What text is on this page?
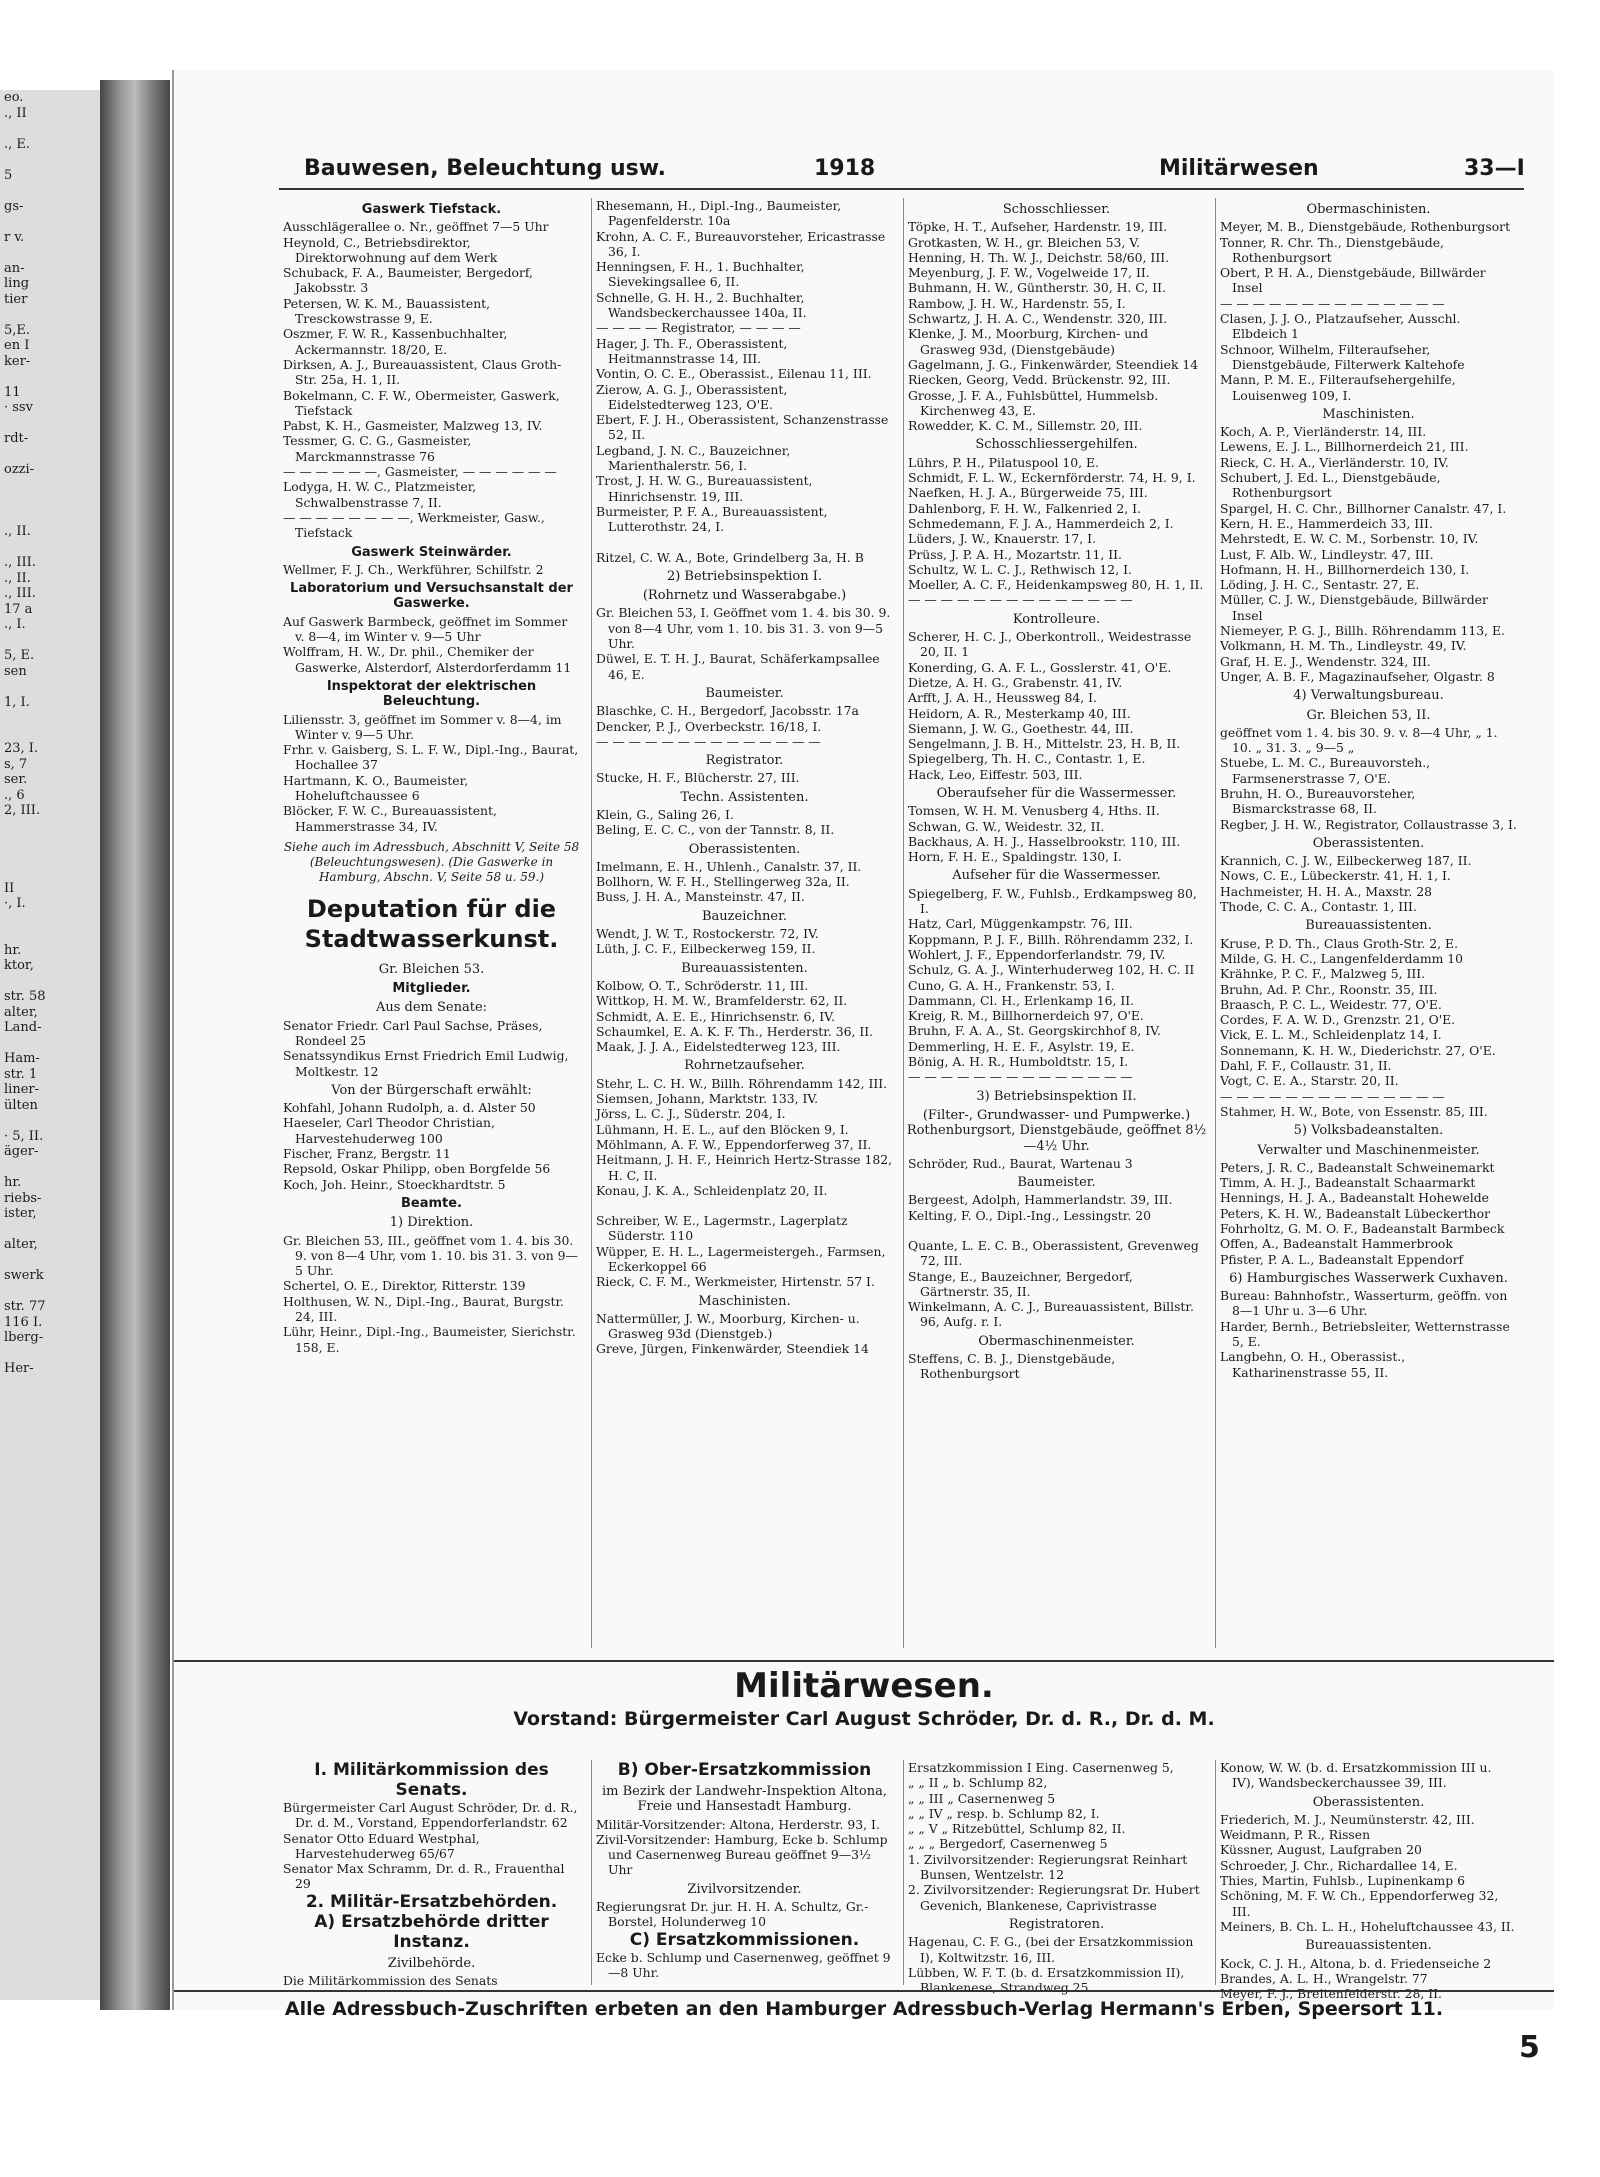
eo.
., II

., E.

5

gs-

r v.

an-
ling
tier

5,E.
en I
ker-

11
· ssv

rdt-

ozzi-

., II.

., III.
., II.
., III.
17 a
., I.

5, E.
sen

1, I.

23, I.
s, 7
ser.
., 6
2, III.

II
·, I.

hr.
ktor,

str. 58
alter,
Land-

Ham-
str. 1
liner-
ülten

· 5, II.
äger-

hr.
riebs-
ister,

alter,

swerk

str. 77
116 I.
lberg-

Her-
Bauwesen, Beleuchtung usw.	1918	Militärwesen	33—I
Gaswerk Tiefstack.
Ausschlägerallee o. Nr., geöffnet 7—5 Uhr
Heynold, C., Betriebsdirektor, Direktorwohnung auf dem Werk
Schuback, F. A., Baumeister, Bergedorf, Jakobsstr. 3
Petersen, W. K. M., Bauassistent, Tresckowstrasse 9, E.
Oszmer, F. W. R., Kassenbuchhalter, Ackermannstr. 18/20, E.
Dirksen, A. J., Bureauassistent, Claus Groth-Str. 25a, H. 1, II.
Bokelmann, C. F. W., Obermeister, Gaswerk, Tiefstack
Pabst, K. H., Gasmeister, Malzweg 13, IV.
Tessmer, G. C. G., Gasmeister, Marckmannstrasse 76
— — — — — —, Gasmeister, — — — — — —
Lodyga, H. W. C., Platzmeister, Schwalbenstrasse 7, II.
— — — — — — — —, Werkmeister, Gasw., Tiefstack
Gaswerk Steinwärder.
Wellmer, F. J. Ch., Werkführer, Schilfstr. 2
Laboratorium und Versuchsanstalt der Gaswerke.
Auf Gaswerk Barmbeck, geöffnet im Sommer v. 8—4, im Winter v. 9—5 Uhr
Wolffram, H. W., Dr. phil., Chemiker der Gaswerke, Alsterdorf, Alsterdorferdamm 11
Inspektorat der elektrischen Beleuchtung.
Liliensstr. 3, geöffnet im Sommer v. 8—4, im Winter v. 9—5 Uhr.
Frhr. v. Gaisberg, S. L. F. W., Dipl.-Ing., Baurat, Hochallee 37
Hartmann, K. O., Baumeister, Hoheluftchaussee 6
Blöcker, F. W. C., Bureauassistent, Hammerstrasse 34, IV.
Siehe auch im Adressbuch, Abschnitt V, Seite 58 (Beleuchtungswesen). (Die Gaswerke in Hamburg, Abschn. V, Seite 58 u. 59.)
Deputation für die Stadtwasserkunst.
Gr. Bleichen 53.
Mitglieder.
Aus dem Senate:
Senator Friedr. Carl Paul Sachse, Präses, Rondeel 25
Senatssyndikus Ernst Friedrich Emil Ludwig, Moltkestr. 12
Von der Bürgerschaft erwählt:
Kohfahl, Johann Rudolph, a. d. Alster 50
Haeseler, Carl Theodor Christian, Harvestehuderweg 100
Fischer, Franz, Bergstr. 11
Repsold, Oskar Philipp, oben Borgfelde 56
Koch, Joh. Heinr., Stoeckhardtstr. 5
Beamte.
1) Direktion.
Gr. Bleichen 53, III., geöffnet vom 1. 4. bis 30. 9. von 8—4 Uhr, vom 1. 10. bis 31. 3. von 9—5 Uhr.
Schertel, O. E., Direktor, Ritterstr. 139
Holthusen, W. N., Dipl.-Ing., Baurat, Burgstr. 24, III.
Lühr, Heinr., Dipl.-Ing., Baumeister, Sierichstr. 158, E.
Rhesemann, H., Dipl.-Ing., Baumeister, Pagenfelderstr. 10a
Krohn, A. C. F., Bureauvorsteher, Ericastrasse 36, I.
Henningsen, F. H., 1. Buchhalter, Sievekingsallee 6, II.
Schnelle, G. H. H., 2. Buchhalter, Wandsbeckerchaussee 140a, II.
— — — — Registrator, — — — —
Hager, J. Th. F., Oberassistent, Heitmannstrasse 14, III.
Vontin, O. C. E., Oberassist., Eilenau 11, III.
Zierow, A. G. J., Oberassistent, Eidelstedterweg 123, O'E.
Ebert, F. J. H., Oberassistent, Schanzenstrasse 52, II.
Legband, J. N. C., Bauzeichner, Marienthalerstr. 56, I.
Trost, J. H. W. G., Bureauassistent, Hinrichsenstr. 19, III.
Burmeister, P. F. A., Bureauassistent, Lutterothstr. 24, I.
Ritzel, C. W. A., Bote, Grindelberg 3a, H. B
2) Betriebsinspektion I.
(Rohrnetz und Wasserabgabe.)
Gr. Bleichen 53, I. Geöffnet vom 1. 4. bis 30. 9. von 8—4 Uhr, vom 1. 10. bis 31. 3. von 9—5 Uhr.
Düwel, E. T. H. J., Baurat, Schäferkampsallee 46, E.
Baumeister.
Blaschke, C. H., Bergedorf, Jacobsstr. 17a
Dencker, P. J., Overbeckstr. 16/18, I.
— — — — — — — — — — — — — —
Registrator.
Stucke, H. F., Blücherstr. 27, III.
Techn. Assistenten.
Klein, G., Saling 26, I.
Beling, E. C. C., von der Tannstr. 8, II.
Oberassistenten.
Imelmann, E. H., Uhlenh., Canalstr. 37, II.
Bollhorn, W. F. H., Stellingerweg 32a, II.
Buss, J. H. A., Mansteinstr. 47, II.
Bauzeichner.
Wendt, J. W. T., Rostockerstr. 72, IV.
Lüth, J. C. F., Eilbeckerweg 159, II.
Bureauassistenten.
Kolbow, O. T., Schröderstr. 11, III.
Wittkop, H. M. W., Bramfelderstr. 62, II.
Schmidt, A. E. E., Hinrichsenstr. 6, IV.
Schaumkel, E. A. K. F. Th., Herderstr. 36, II.
Maak, J. J. A., Eidelstedterweg 123, III.
Rohrnetzaufseher.
Stehr, L. C. H. W., Billh. Röhrendamm 142, III.
Siemsen, Johann, Marktstr. 133, IV.
Jörss, L. C. J., Süderstr. 204, I.
Lühmann, H. E. L., auf den Blöcken 9, I.
Möhlmann, A. F. W., Eppendorferweg 37, II.
Heitmann, J. H. F., Heinrich Hertz-Strasse 182, H. C, II.
Konau, J. K. A., Schleidenplatz 20, II.
Schreiber, W. E., Lagermstr., Lagerplatz Süderstr. 110
Wüpper, E. H. L., Lagermeistergeh., Farmsen, Eckerkoppel 66
Rieck, C. F. M., Werkmeister, Hirtenstr. 57 I.
Maschinisten.
Nattermüller, J. W., Moorburg, Kirchen- u. Grasweg 93d (Dienstgeb.)
Greve, Jürgen, Finkenwärder, Steendiek 14
Schosschliesser.
Töpke, H. T., Aufseher, Hardenstr. 19, III.
Grotkasten, W. H., gr. Bleichen 53, V.
Henning, H. Th. W. J., Deichstr. 58/60, III.
Meyenburg, J. F. W., Vogelweide 17, II.
Buhmann, H. W., Güntherstr. 30, H. C, II.
Rambow, J. H. W., Hardenstr. 55, I.
Schwartz, J. H. A. C., Wendenstr. 320, III.
Klenke, J. M., Moorburg, Kirchen- und Grasweg 93d, (Dienstgebäude)
Gagelmann, J. G., Finkenwärder, Steendiek 14
Riecken, Georg, Vedd. Brückenstr. 92, III.
Grosse, J. F. A., Fuhlsbüttel, Hummelsb. Kirchenweg 43, E.
Rowedder, K. C. M., Sillemstr. 20, III.
Schosschliessergehilfen.
Lührs, P. H., Pilatuspool 10, E.
Schmidt, F. L. W., Eckernförderstr. 74, H. 9, I.
Naefken, H. J. A., Bürgerweide 75, III.
Dahlenborg, F. H. W., Falkenried 2, I.
Schmedemann, F. J. A., Hammerdeich 2, I.
Lüders, J. W., Knauerstr. 17, I.
Prüss, J. P. A. H., Mozartstr. 11, II.
Schultz, W. L. C. J., Rethwisch 12, I.
Moeller, A. C. F., Heidenkampsweg 80, H. 1, II.
— — — — — — — — — — — — — —
Kontrolleure.
Scherer, H. C. J., Oberkontroll., Weidestrasse 20, II. 1
Konerding, G. A. F. L., Gosslerstr. 41, O'E.
Dietze, A. H. G., Grabenstr. 41, IV.
Arfft, J. A. H., Heussweg 84, I.
Heidorn, A. R., Mesterkamp 40, III.
Siemann, J. W. G., Goethestr. 44, III.
Sengelmann, J. B. H., Mittelstr. 23, H. B, II.
Spiegelberg, Th. H. C., Contastr. 1, E.
Hack, Leo, Eiffestr. 503, III.
Oberaufseher für die Wassermesser.
Tomsen, W. H. M. Venusberg 4, Hths. II.
Schwan, G. W., Weidestr. 32, II.
Backhaus, A. H. J., Hasselbrookstr. 110, III.
Horn, F. H. E., Spaldingstr. 130, I.
Aufseher für die Wassermesser.
Spiegelberg, F. W., Fuhlsb., Erdkampsweg 80, I.
Hatz, Carl, Müggenkampstr. 76, III.
Koppmann, P. J. F., Billh. Röhrendamm 232, I.
Wohlert, J. F., Eppendorferlandstr. 79, IV.
Schulz, G. A. J., Winterhuderweg 102, H. C. II
Cuno, G. A. H., Frankenstr. 53, I.
Dammann, Cl. H., Erlenkamp 16, II.
Kreig, R. M., Billhornerdeich 97, O'E.
Bruhn, F. A. A., St. Georgskirchhof 8, IV.
Demmerling, H. E. F., Asylstr. 19, E.
Bönig, A. H. R., Humboldtstr. 15, I.
— — — — — — — — — — — — — —
3) Betriebsinspektion II.
(Filter-, Grundwasser- und Pumpwerke.) Rothenburgsort, Dienstgebäude, geöffnet 8½—4½ Uhr.
Schröder, Rud., Baurat, Wartenau 3
Baumeister.
Bergeest, Adolph, Hammerlandstr. 39, III.
Kelting, F. O., Dipl.-Ing., Lessingstr. 20
Quante, L. E. C. B., Oberassistent, Grevenweg 72, III.
Stange, E., Bauzeichner, Bergedorf, Gärtnerstr. 35, II.
Winkelmann, A. C. J., Bureauassistent, Billstr. 96, Aufg. r. I.
Obermaschinenmeister.
Steffens, C. B. J., Dienstgebäude, Rothenburgsort
Obermaschinisten.
Meyer, M. B., Dienstgebäude, Rothenburgsort
Tonner, R. Chr. Th., Dienstgebäude, Rothenburgsort
Obert, P. H. A., Dienstgebäude, Billwärder Insel
— — — — — — — — — — — — — —
Clasen, J. J. O., Platzaufseher, Ausschl. Elbdeich 1
Schnoor, Wilhelm, Filteraufseher, Dienstgebäude, Filterwerk Kaltehofe
Mann, P. M. E., Filteraufsehergehilfe, Louisenweg 109, I.
Maschinisten.
Koch, A. P., Vierländerstr. 14, III.
Lewens, E. J. L., Billhornerdeich 21, III.
Rieck, C. H. A., Vierländerstr. 10, IV.
Schubert, J. Ed. L., Dienstgebäude, Rothenburgsort
Spargel, H. C. Chr., Billhorner Canalstr. 47, I.
Kern, H. E., Hammerdeich 33, III.
Mehrstedt, E. W. C. M., Sorbenstr. 10, IV.
Lust, F. Alb. W., Lindleystr. 47, III.
Hofmann, H. H., Billhornerdeich 130, I.
Löding, J. H. C., Sentastr. 27, E.
Müller, C. J. W., Dienstgebäude, Billwärder Insel
Niemeyer, P. G. J., Billh. Röhrendamm 113, E.
Volkmann, H. M. Th., Lindleystr. 49, IV.
Graf, H. E. J., Wendenstr. 324, III.
Unger, A. B. F., Magazinaufseher, Olgastr. 8
4) Verwaltungsbureau.
Gr. Bleichen 53, II.
geöffnet vom 1. 4. bis 30. 9. v. 8—4 Uhr, „ 1. 10. „ 31. 3. „ 9—5 „
Stuebe, L. M. C., Bureauvorsteh., Farmsenerstrasse 7, O'E.
Bruhn, H. O., Bureauvorsteher, Bismarckstrasse 68, II.
Regber, J. H. W., Registrator, Collaustrasse 3, I.
Oberassistenten.
Krannich, C. J. W., Eilbeckerweg 187, II.
Nows, C. E., Lübeckerstr. 41, H. 1, I.
Hachmeister, H. H. A., Maxstr. 28
Thode, C. C. A., Contastr. 1, III.
Bureauassistenten.
Kruse, P. D. Th., Claus Groth-Str. 2, E.
Milde, G. H. C., Langenfelderdamm 10
Krähnke, P. C. F., Malzweg 5, III.
Bruhn, Ad. P. Chr., Roonstr. 35, III.
Braasch, P. C. L., Weidestr. 77, O'E.
Cordes, F. A. W. D., Grenzstr. 21, O'E.
Vick, E. L. M., Schleidenplatz 14, I.
Sonnemann, K. H. W., Diederichstr. 27, O'E.
Dahl, F. F., Collaustr. 31, II.
Vogt, C. E. A., Starstr. 20, II.
— — — — — — — — — — — — — —
Stahmer, H. W., Bote, von Essenstr. 85, III.
5) Volksbadeanstalten.
Verwalter und Maschinenmeister.
Peters, J. R. C., Badeanstalt Schweinemarkt
Timm, A. H. J., Badeanstalt Schaarmarkt
Hennings, H. J. A., Badeanstalt Hohewelde
Peters, K. H. W., Badeanstalt Lübeckerthor
Fohrholtz, G. M. O. F., Badeanstalt Barmbeck
Offen, A., Badeanstalt Hammerbrook
Pfister, P. A. L., Badeanstalt Eppendorf
6) Hamburgisches Wasserwerk Cuxhaven.
Bureau: Bahnhofstr., Wasserturm, geöffn. von 8—1 Uhr u. 3—6 Uhr.
Harder, Bernh., Betriebsleiter, Wetternstrasse 5, E.
Langbehn, O. H., Oberassist., Katharinenstrasse 55, II.
Militärwesen.
Vorstand: Bürgermeister Carl August Schröder, Dr. d. R., Dr. d. M.
I. Militärkommission des Senats.
Bürgermeister Carl August Schröder, Dr. d. R., Dr. d. M., Vorstand, Eppendorferlandstr. 62
Senator Otto Eduard Westphal, Harvestehuderweg 65/67
Senator Max Schramm, Dr. d. R., Frauenthal 29
2. Militär-Ersatzbehörden.
A) Ersatzbehörde dritter Instanz.
Zivilbehörde.
Die Militärkommission des Senats
B) Ober-Ersatzkommission
im Bezirk der Landwehr-Inspektion Altona, Freie und Hansestadt Hamburg.
Militär-Vorsitzender: Altona, Herderstr. 93, I.
Zivil-Vorsitzender: Hamburg, Ecke b. Schlump und Casernenweg Bureau geöffnet 9—3½ Uhr
Zivilvorsitzender.
Regierungsrat Dr. jur. H. H. A. Schultz, Gr.-Borstel, Holunderweg 10
C) Ersatzkommissionen.
Ecke b. Schlump und Casernenweg, geöffnet 9—8 Uhr.
Ersatzkommission I Eing. Casernenweg 5,
„ „ II „ b. Schlump 82,
„ „ III „ Casernenweg 5
„ „ IV „ resp. b. Schlump 82, I.
„ „ V „ Ritzebüttel, Schlump 82, II.
„ „ „ Bergedorf, Casernenweg 5
1. Zivilvorsitzender: Regierungsrat Reinhart Bunsen, Wentzelstr. 12
2. Zivilvorsitzender: Regierungsrat Dr. Hubert Gevenich, Blankenese, Caprivistrasse
Registratoren.
Hagenau, C. F. G., (bei der Ersatzkommission I), Koltwitzstr. 16, III.
Lübben, W. F. T. (b. d. Ersatzkommission II), Blankenese, Strandweg 25
Konow, W. W. (b. d. Ersatzkommission III u. IV), Wandsbeckerchaussee 39, III.
Oberassistenten.
Friederich, M. J., Neumünsterstr. 42, III.
Weidmann, P. R., Rissen
Küssner, August, Laufgraben 20
Schroeder, J. Chr., Richardallee 14, E.
Thies, Martin, Fuhlsb., Lupinenkamp 6
Schöning, M. F. W. Ch., Eppendorferweg 32, III.
Meiners, B. Ch. L. H., Hoheluftchaussee 43, II.
Bureauassistenten.
Kock, C. J. H., Altona, b. d. Friedenseiche 2
Brandes, A. L. H., Wrangelstr. 77
Meyer, F. J., Breitenfelderstr. 28, II.
Alle Adressbuch-Zuschriften erbeten an den Hamburger Adressbuch-Verlag Hermann's Erben, Speersort 11.
5
